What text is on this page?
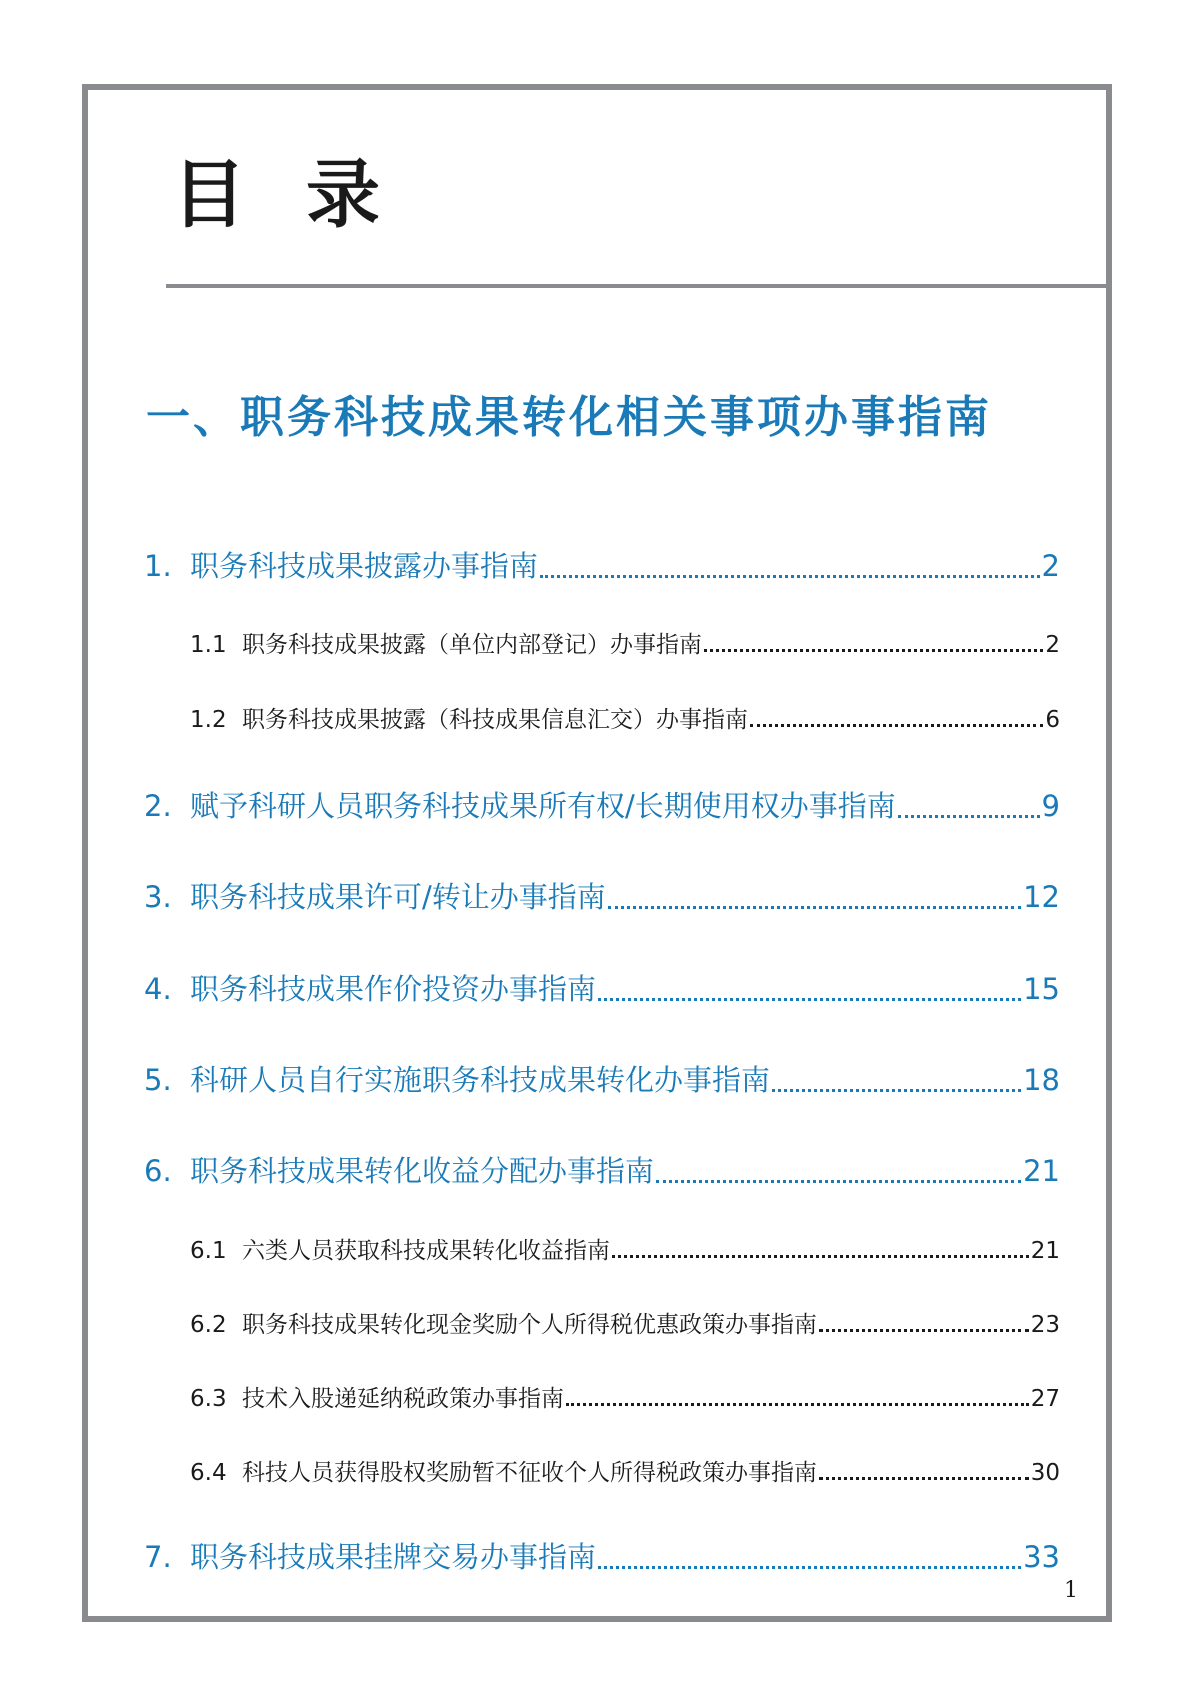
目录
一、职务科技成果转化相关事项办事指南
1. 职务科技成果披露办事指南	2
1.1 职务科技成果披露（单位内部登记）办事指南	2
1.2 职务科技成果披露（科技成果信息汇交）办事指南	6
2. 赋予科研人员职务科技成果所有权/长期使用权办事指南	9
3. 职务科技成果许可/转让办事指南	12
4. 职务科技成果作价投资办事指南	15
5. 科研人员自行实施职务科技成果转化办事指南	18
6. 职务科技成果转化收益分配办事指南	21
6.1 六类人员获取科技成果转化收益指南	21
6.2 职务科技成果转化现金奖励个人所得税优惠政策办事指南	23
6.3 技术入股递延纳税政策办事指南	27
6.4 科技人员获得股权奖励暂不征收个人所得税政策办事指南	30
7. 职务科技成果挂牌交易办事指南	33
1
